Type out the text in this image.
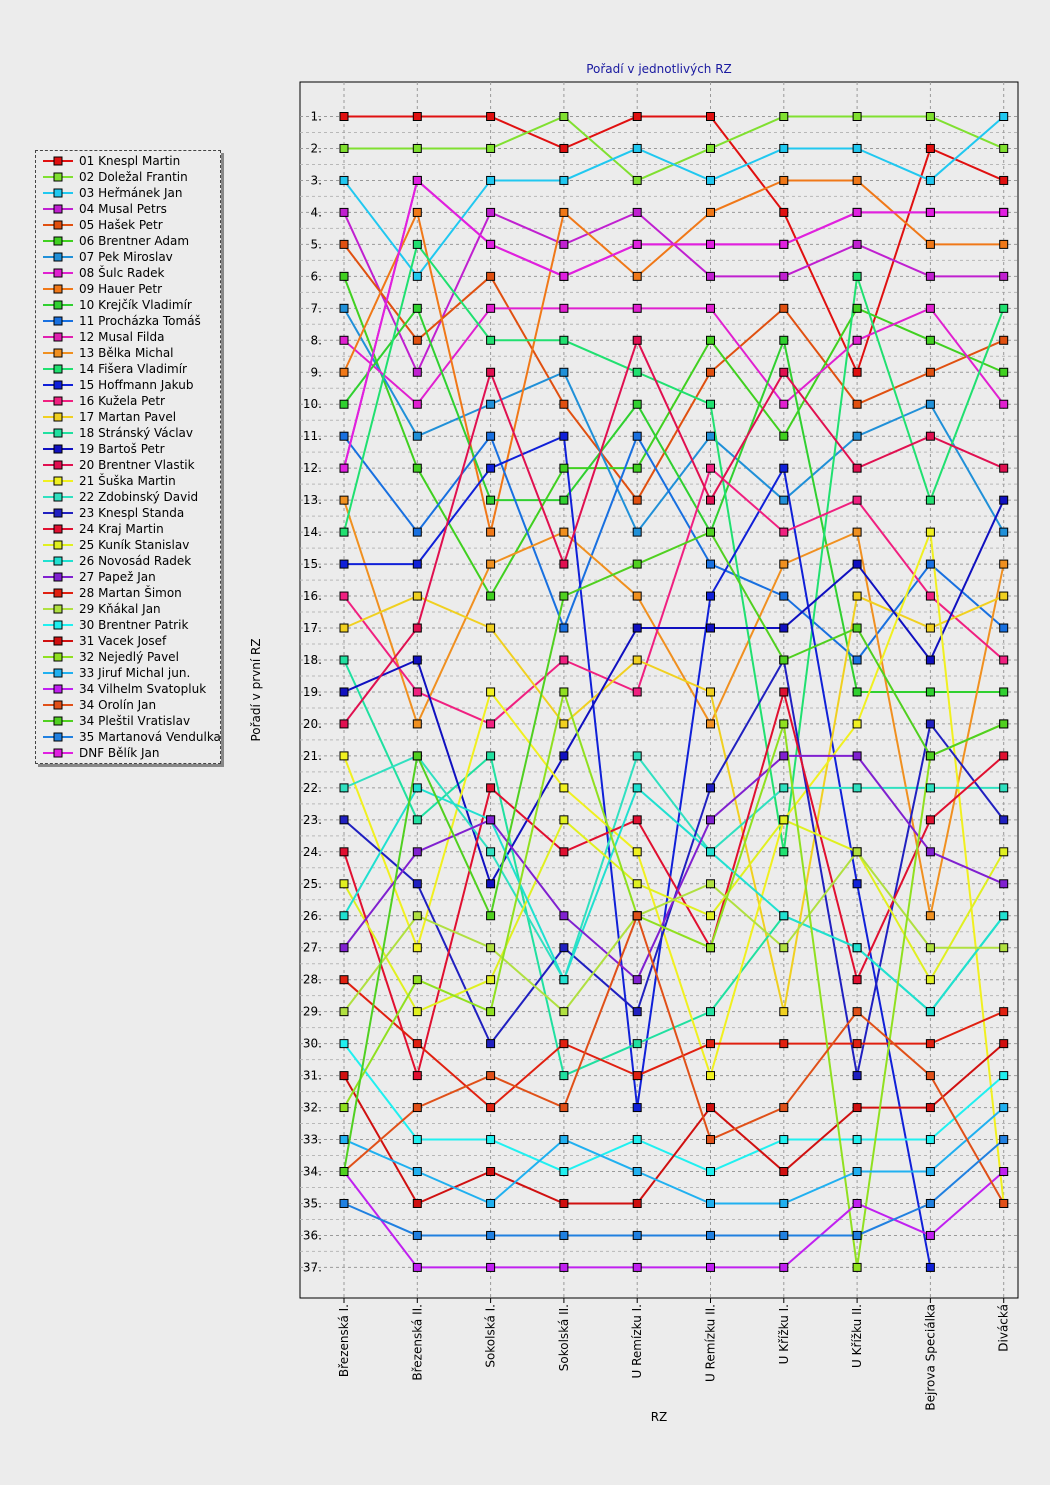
1.
2.
3.
4.
5.
6.
7.
8.
9.
10.
11.
12.
13.
14.
15.
16.
17.
18.
19.
20.
21.
22.
23.
24.
25.
26.
27.
28.
29.
30.
31.
32.
33.
34.
35.
36.
37.
Březenská I.	Březenská II.	Sokolská I.	Sokolská II.	U Remízku I.	U Remízku II.	U Křížku I.	U Křížku II.	Bejrova Speciálka	Divácká
Pořadí v jednotlivých RZ
RZ
Pořadí v první RZ
01 Knespl Martin
02 Doležal Frantin
03 Heřmánek Jan
04 Musal Petrs
05 Hašek Petr
06 Brentner Adam
07 Pek Miroslav
08 Šulc Radek
09 Hauer Petr
10 Krejčík Vladimír
11 Procházka Tomáš
12 Musal Filda
13 Bělka Michal
14 Fišera Vladimír
15 Hoffmann Jakub
16 Kužela Petr
17 Martan Pavel
18 Stránský Václav
19 Bartoš Petr
20 Brentner Vlastik
21 Šuška Martin
22 Zdobinský David
23 Knespl Standa
24 Kraj Martin
25 Kuník Stanislav
26 Novosád Radek
27 Papež Jan
28 Martan Šimon
29 Kňákal Jan
30 Brentner Patrik
31 Vacek Josef
32 Nejedlý Pavel
33 Jiruf Michal jun.
34 Vilhelm Svatopluk
34 Orolín Jan
34 Pleštil Vratislav
35 Martanová Vendulka
DNF Bělík Jan
